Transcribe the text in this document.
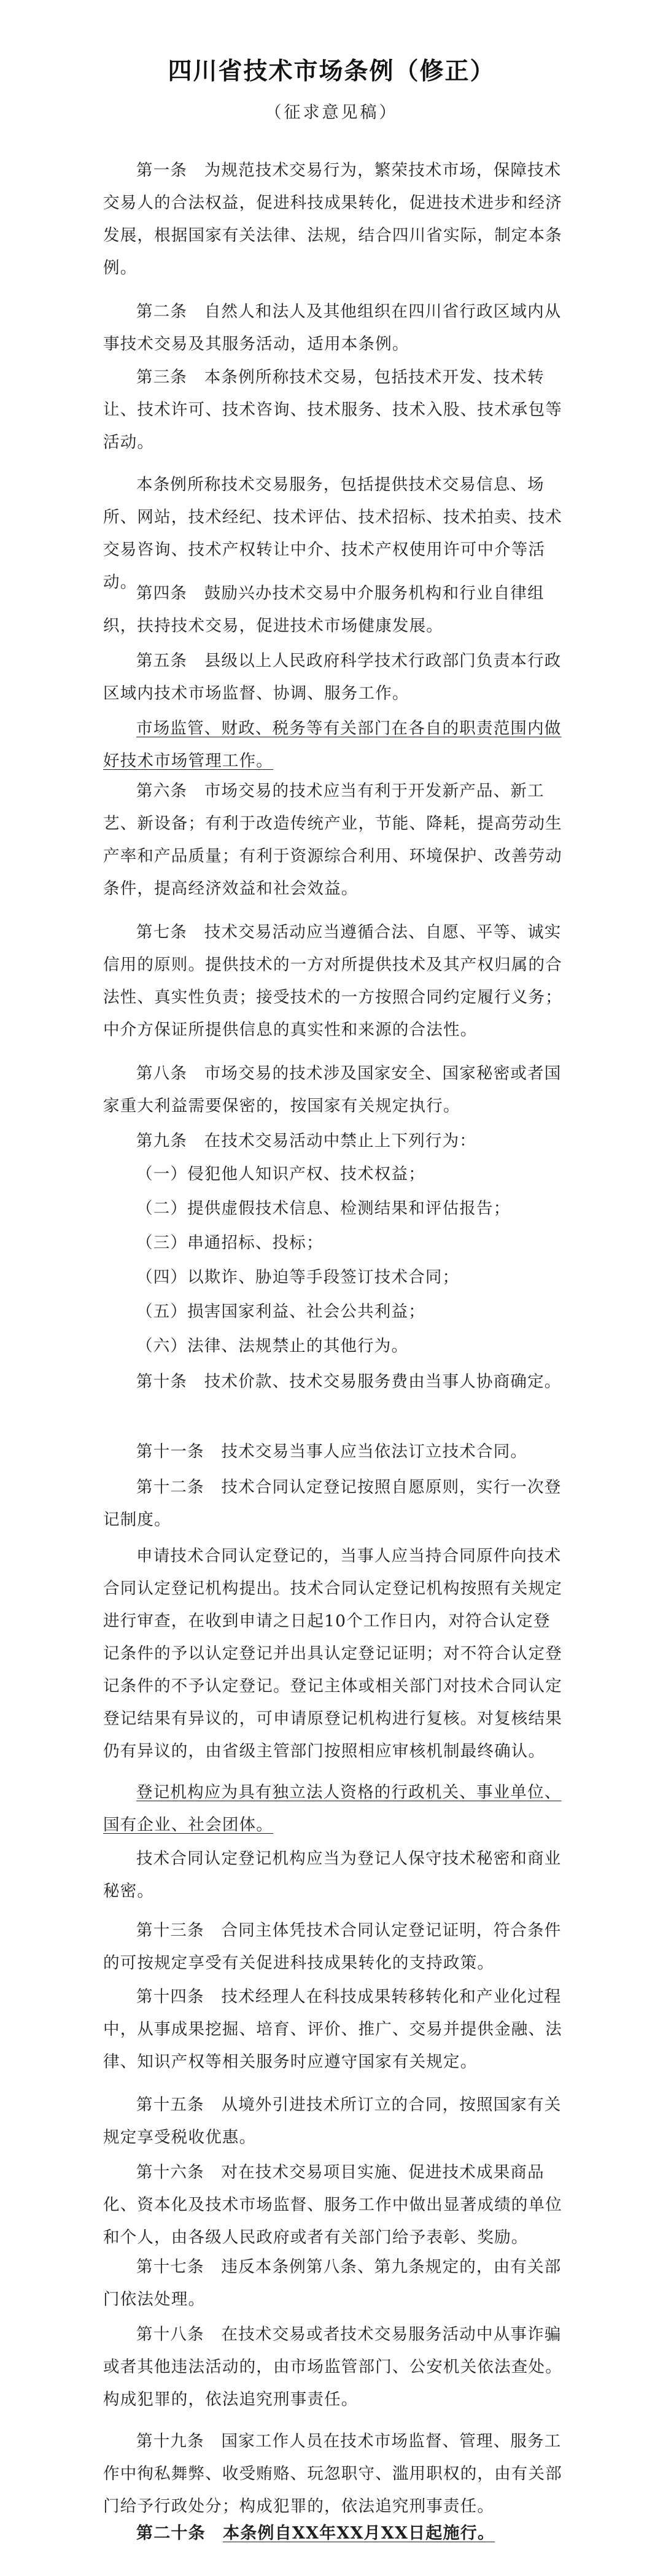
四川省技术市场条例（修正）
（征求意见稿）

第一条　为规范技术交易行为，繁荣技术市场，保障技术交易人的合法权益，促进科技成果转化，促进技术进步和经济发展，根据国家有关法律、法规，结合四川省实际，制定本条例。

第二条　自然人和法人及其他组织在四川省行政区域内从事技术交易及其服务活动，适用本条例。

第三条　本条例所称技术交易，包括技术开发、技术转让、技术许可、技术咨询、技术服务、技术入股、技术承包等活动。

本条例所称技术交易服务，包括提供技术交易信息、场所、网站，技术经纪、技术评估、技术招标、技术拍卖、技术交易咨询、技术产权转让中介、技术产权使用许可中介等活动。

第四条　鼓励兴办技术交易中介服务机构和行业自律组织，扶持技术交易，促进技术市场健康发展。

第五条　县级以上人民政府科学技术行政部门负责本行政区域内技术市场监督、协调、服务工作。

市场监管、财政、税务等有关部门在各自的职责范围内做好技术市场管理工作。

第六条　市场交易的技术应当有利于开发新产品、新工艺、新设备；有利于改造传统产业，节能、降耗，提高劳动生产率和产品质量；有利于资源综合利用、环境保护、改善劳动条件，提高经济效益和社会效益。

第七条　技术交易活动应当遵循合法、自愿、平等、诚实信用的原则。提供技术的一方对所提供技术及其产权归属的合法性、真实性负责；接受技术的一方按照合同约定履行义务；中介方保证所提供信息的真实性和来源的合法性。

第八条　市场交易的技术涉及国家安全、国家秘密或者国家重大利益需要保密的，按国家有关规定执行。

第九条　在技术交易活动中禁止上下列行为：

（一）侵犯他人知识产权、技术权益；

（二）提供虚假技术信息、检测结果和评估报告；

（三）串通招标、投标；

（四）以欺诈、胁迫等手段签订技术合同；

（五）损害国家利益、社会公共利益；

（六）法律、法规禁止的其他行为。

第十条　技术价款、技术交易服务费由当事人协商确定。

第十一条　技术交易当事人应当依法订立技术合同。

第十二条　技术合同认定登记按照自愿原则，实行一次登记制度。

申请技术合同认定登记的，当事人应当持合同原件向技术合同认定登记机构提出。技术合同认定登记机构按照有关规定进行审查，在收到申请之日起10个工作日内，对符合认定登记条件的予以认定登记并出具认定登记证明；对不符合认定登记条件的不予认定登记。登记主体或相关部门对技术合同认定登记结果有异议的，可申请原登记机构进行复核。对复核结果仍有异议的，由省级主管部门按照相应审核机制最终确认。

登记机构应为具有独立法人资格的行政机关、事业单位、国有企业、社会团体。

技术合同认定登记机构应当为登记人保守技术秘密和商业秘密。

第十三条　合同主体凭技术合同认定登记证明，符合条件的可按规定享受有关促进科技成果转化的支持政策。

第十四条　技术经理人在科技成果转移转化和产业化过程中，从事成果挖掘、培育、评价、推广、交易并提供金融、法律、知识产权等相关服务时应遵守国家有关规定。

第十五条　从境外引进技术所订立的合同，按照国家有关规定享受税收优惠。

第十六条　对在技术交易项目实施、促进技术成果商品化、资本化及技术市场监督、服务工作中做出显著成绩的单位和个人，由各级人民政府或者有关部门给予表彰、奖励。

第十七条　违反本条例第八条、第九条规定的，由有关部门依法处理。

第十八条　在技术交易或者技术交易服务活动中从事诈骗或者其他违法活动的，由市场监管部门、公安机关依法查处。构成犯罪的，依法追究刑事责任。

第十九条　国家工作人员在技术市场监督、管理、服务工作中徇私舞弊、收受贿赂、玩忽职守、滥用职权的，由有关部门给予行政处分；构成犯罪的，依法追究刑事责任。

第二十条　 本条例自XX年XX月XX日起施行。
